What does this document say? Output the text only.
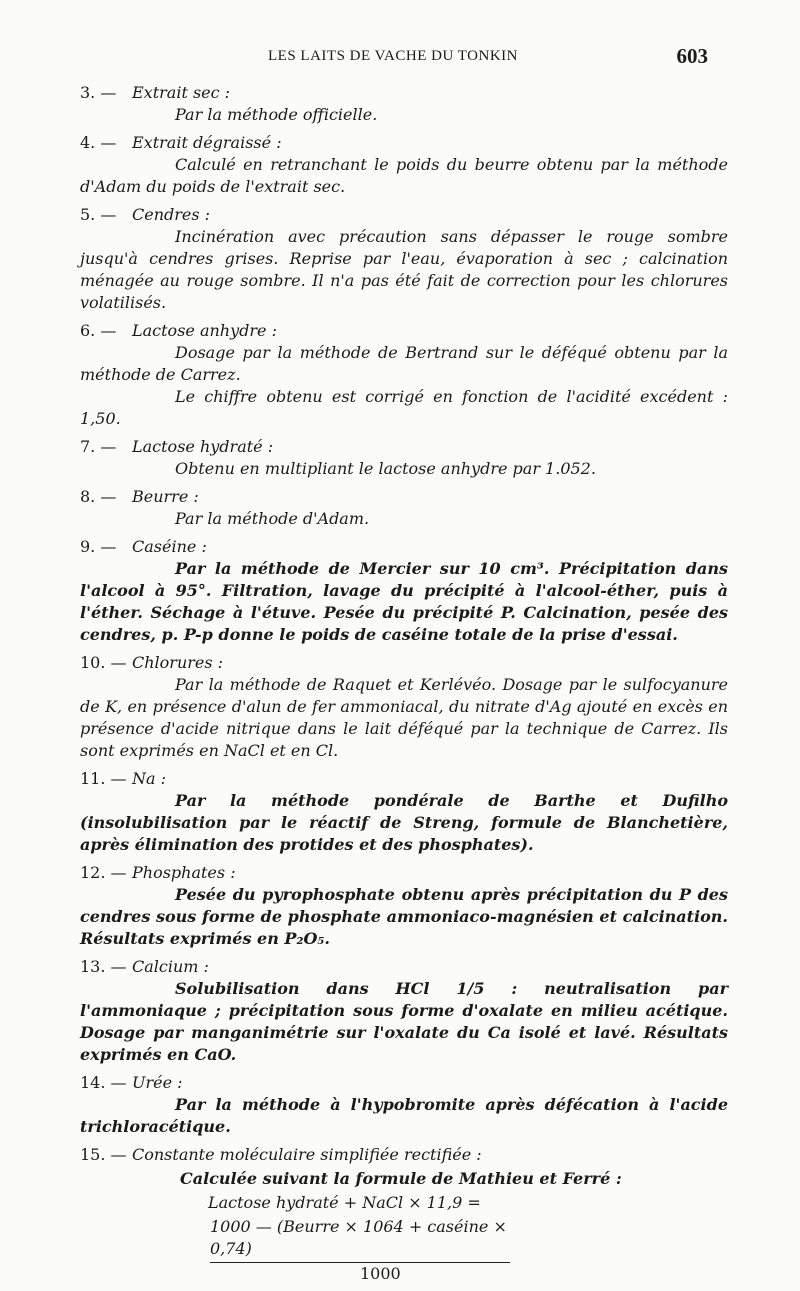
LES LAITS DE VACHE DU TONKIN	603
3. — Extrait sec :
Par la méthode officielle.
4. — Extrait dégraissé :
Calculé en retranchant le poids du beurre obtenu par la méthode d'Adam du poids de l'extrait sec.
5. — Cendres :
Incinération avec précaution sans dépasser le rouge sombre jusqu'à cendres grises. Reprise par l'eau, évaporation à sec ; calcination ménagée au rouge sombre. Il n'a pas été fait de correction pour les chlorures volatilisés.
6. — Lactose anhydre :
Dosage par la méthode de Bertrand sur le déféqué obtenu par la méthode de Carrez.
Le chiffre obtenu est corrigé en fonction de l'acidité excédent : 1,50.
7. — Lactose hydraté :
Obtenu en multipliant le lactose anhydre par 1.052.
8. — Beurre :
Par la méthode d'Adam.
9. — Caséine :
Par la méthode de Mercier sur 10 cm³. Précipitation dans l'alcool à 95°. Filtration, lavage du précipité à l'alcool-éther, puis à l'éther. Séchage à l'étuve. Pesée du précipité P. Calcination, pesée des cendres, p. P-p donne le poids de caséine totale de la prise d'essai.
10. — Chlorures :
Par la méthode de Raquet et Kerlévéo. Dosage par le sulfocyanure de K, en présence d'alun de fer ammoniacal, du nitrate d'Ag ajouté en excès en présence d'acide nitrique dans le lait déféqué par la technique de Carrez. Ils sont exprimés en NaCl et en Cl.
11. — Na :
Par la méthode pondérale de Barthe et Dufilho (insolubilisation par le réactif de Streng, formule de Blanchetière, après élimination des protides et des phosphates).
12. — Phosphates :
Pesée du pyrophosphate obtenu après précipitation du P des cendres sous forme de phosphate ammoniaco-magnésien et calcination. Résultats exprimés en P₂O₅.
13. — Calcium :
Solubilisation dans HCl 1/5 : neutralisation par l'ammoniaque ; précipitation sous forme d'oxalate en milieu acétique. Dosage par manganimétrie sur l'oxalate du Ca isolé et lavé. Résultats exprimés en CaO.
14. — Urée :
Par la méthode à l'hypobromite après défécation à l'acide trichloracétique.
15. — Constante moléculaire simplifiée rectifiée :
Calculée suivant la formule de Mathieu et Ferré :
Lactose hydraté + NaCl × 11,9 =
1000 — (Beurre × 1064 + caséine × 0,74)
1000
